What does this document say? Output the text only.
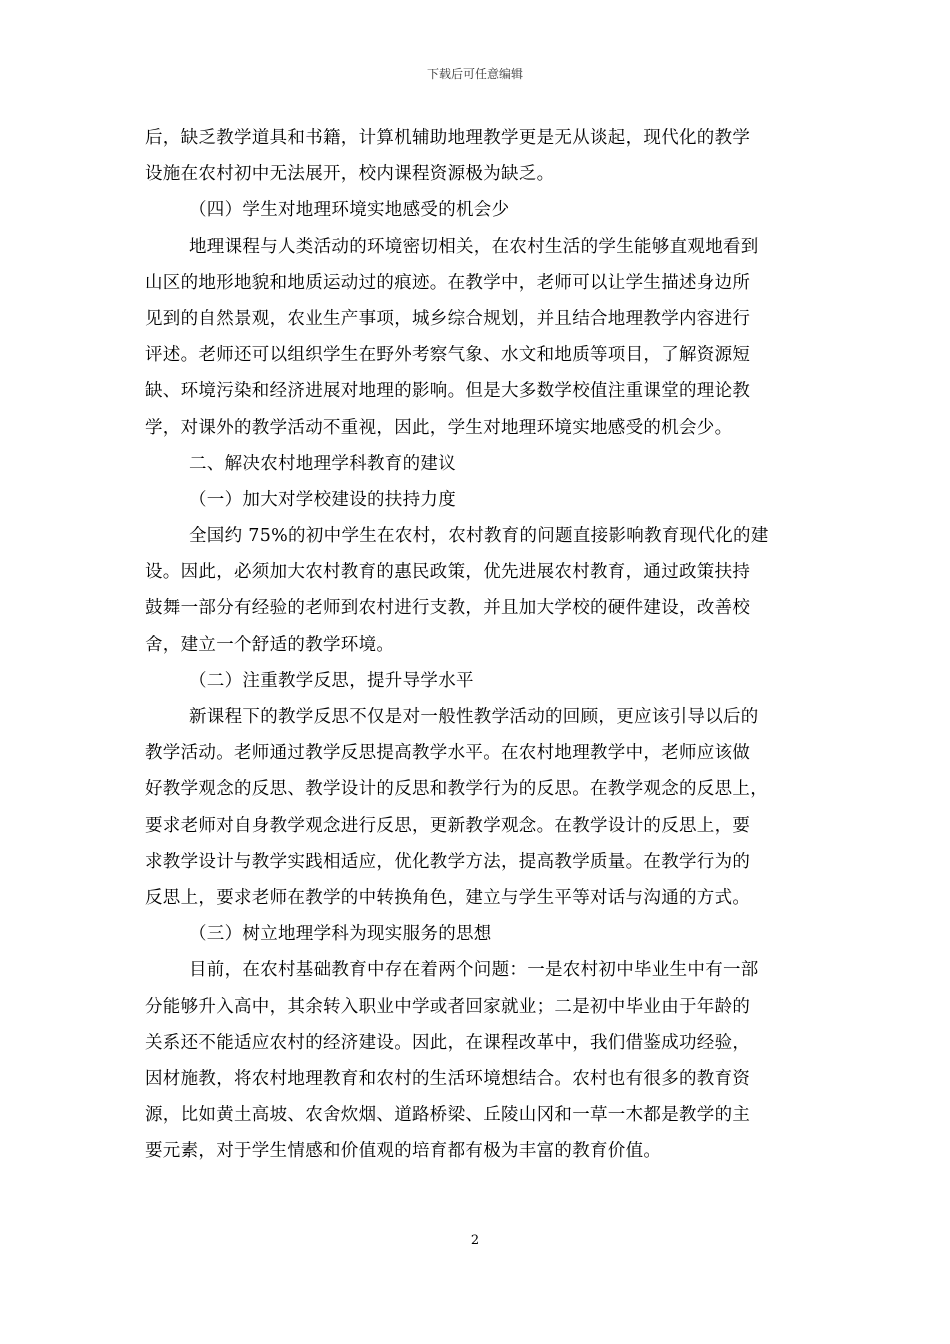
下载后可任意编辑
后，缺乏教学道具和书籍，计算机辅助地理教学更是无从谈起，现代化的教学
设施在农村初中无法展开，校内课程资源极为缺乏。
（四）学生对地理环境实地感受的机会少
地理课程与人类活动的环境密切相关，在农村生活的学生能够直观地看到
山区的地形地貌和地质运动过的痕迹。在教学中，老师可以让学生描述身边所
见到的自然景观，农业生产事项，城乡综合规划，并且结合地理教学内容进行
评述。老师还可以组织学生在野外考察气象、水文和地质等项目，了解资源短
缺、环境污染和经济进展对地理的影响。但是大多数学校值注重课堂的理论教
学，对课外的教学活动不重视，因此，学生对地理环境实地感受的机会少。
二、解决农村地理学科教育的建议
（一）加大对学校建设的扶持力度
全国约 75%的初中学生在农村，农村教育的问题直接影响教育现代化的建
设。因此，必须加大农村教育的惠民政策，优先进展农村教育，通过政策扶持
鼓舞一部分有经验的老师到农村进行支教，并且加大学校的硬件建设，改善校
舍，建立一个舒适的教学环境。
（二）注重教学反思，提升导学水平
新课程下的教学反思不仅是对一般性教学活动的回顾，更应该引导以后的
教学活动。老师通过教学反思提高教学水平。在农村地理教学中，老师应该做
好教学观念的反思、教学设计的反思和教学行为的反思。在教学观念的反思上，
要求老师对自身教学观念进行反思，更新教学观念。在教学设计的反思上，要
求教学设计与教学实践相适应，优化教学方法，提高教学质量。在教学行为的
反思上，要求老师在教学的中转换角色，建立与学生平等对话与沟通的方式。
（三）树立地理学科为现实服务的思想
目前，在农村基础教育中存在着两个问题：一是农村初中毕业生中有一部
分能够升入高中，其余转入职业中学或者回家就业；二是初中毕业由于年龄的
关系还不能适应农村的经济建设。因此，在课程改革中，我们借鉴成功经验，
因材施教，将农村地理教育和农村的生活环境想结合。农村也有很多的教育资
源，比如黄土高坡、农舍炊烟、道路桥梁、丘陵山冈和一草一木都是教学的主
要元素，对于学生情感和价值观的培育都有极为丰富的教育价值。
2
